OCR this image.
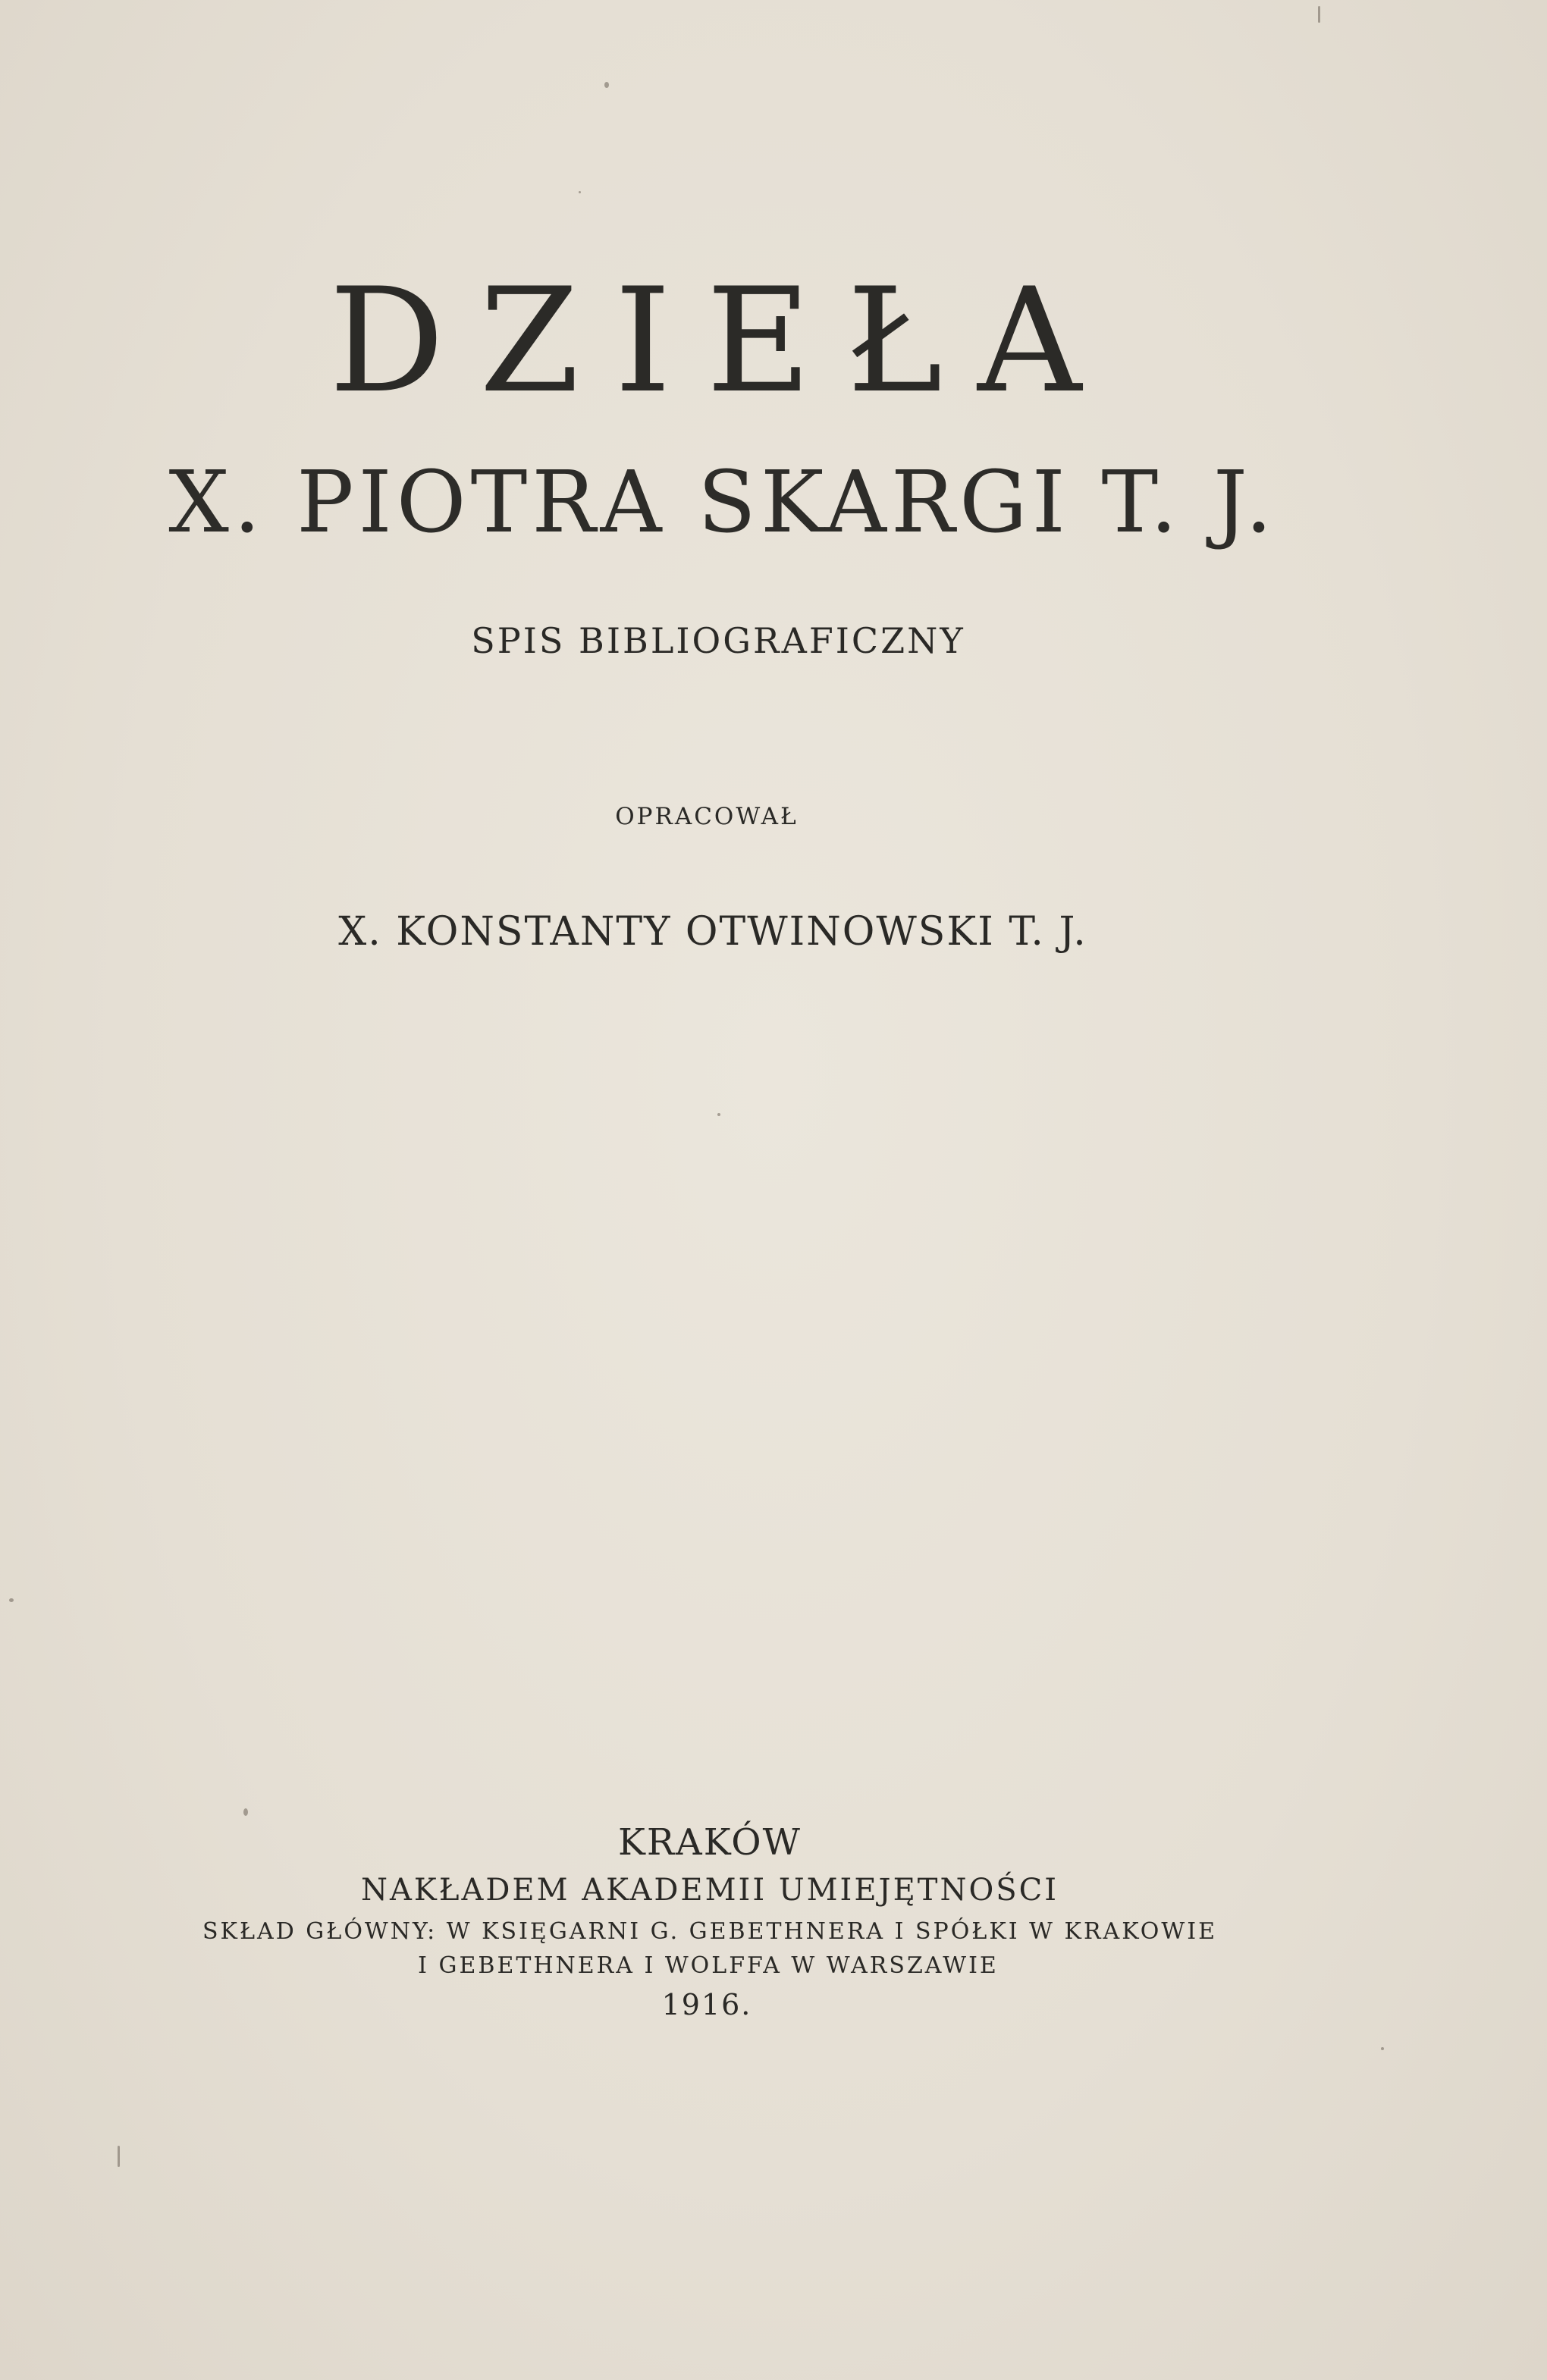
DZIEŁA
X. PIOTRA SKARGI T. J.
SPIS BIBLIOGRAFICZNY
OPRACOWAŁ
X. KONSTANTY OTWINOWSKI T. J.
KRAKÓW
NAKŁADEM AKADEMII UMIEJĘTNOŚCI
SKŁAD GŁÓWNY: W KSIĘGARNI G. GEBETHNERA I SPÓŁKI W KRAKOWIE
I GEBETHNERA I WOLFFA W WARSZAWIE
1916.
